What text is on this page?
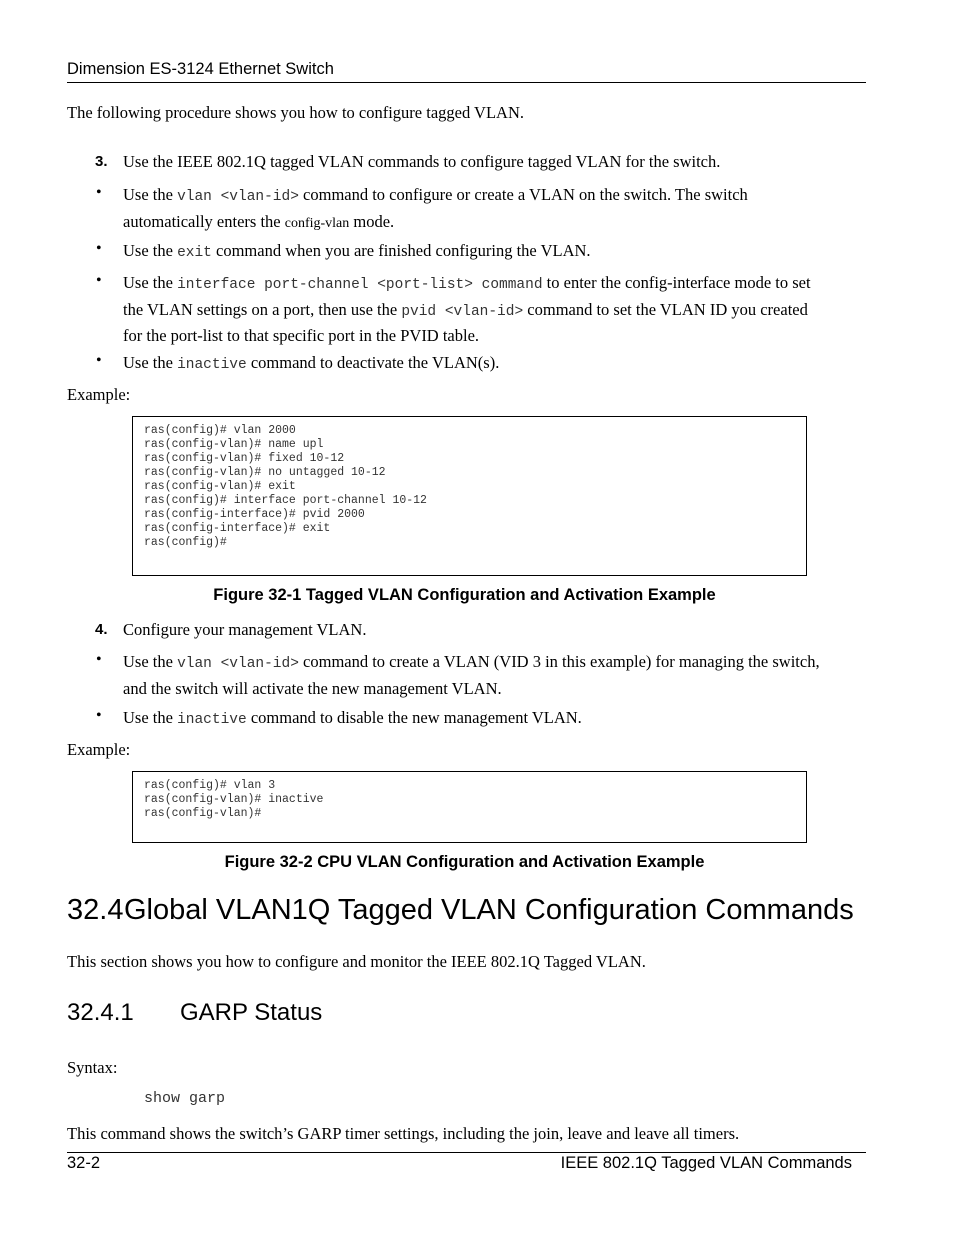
Dimension ES-3124 Ethernet Switch
The following procedure shows you how to configure tagged VLAN.
3. Use the IEEE 802.1Q tagged VLAN commands to configure tagged VLAN for the switch.
• Use the vlan <vlan-id> command to configure or create a VLAN on the switch. The switch
automatically enters the config-vlan mode.
• Use the exit command when you are finished configuring the VLAN.
• Use the interface port-channel <port-list> command to enter the config-interface mode to set
the VLAN settings on a port, then use the pvid <vlan-id> command to set the VLAN ID you created
for the port-list to that specific port in the PVID table.
• Use the inactive command to deactivate the VLAN(s).
Example:
ras(config)# vlan 2000
ras(config-vlan)# name upl
ras(config-vlan)# fixed 10-12
ras(config-vlan)# no untagged 10-12
ras(config-vlan)# exit
ras(config)# interface port-channel 10-12
ras(config-interface)# pvid 2000
ras(config-interface)# exit
ras(config)#
Figure 32-1 Tagged VLAN Configuration and Activation Example
4. Configure your management VLAN.
• Use the vlan <vlan-id> command to create a VLAN (VID 3 in this example) for managing the switch,
and the switch will activate the new management VLAN.
• Use the inactive command to disable the new management VLAN.
Example:
ras(config)# vlan 3
ras(config-vlan)# inactive
ras(config-vlan)#
Figure 32-2 CPU VLAN Configuration and Activation Example
32.4 Global VLAN1Q Tagged VLAN Configuration Commands
This section shows you how to configure and monitor the IEEE 802.1Q Tagged VLAN.
32.4.1 GARP Status
Syntax:
show garp
This command shows the switch’s GARP timer settings, including the join, leave and leave all timers.
32-2	IEEE 802.1Q Tagged VLAN Commands
